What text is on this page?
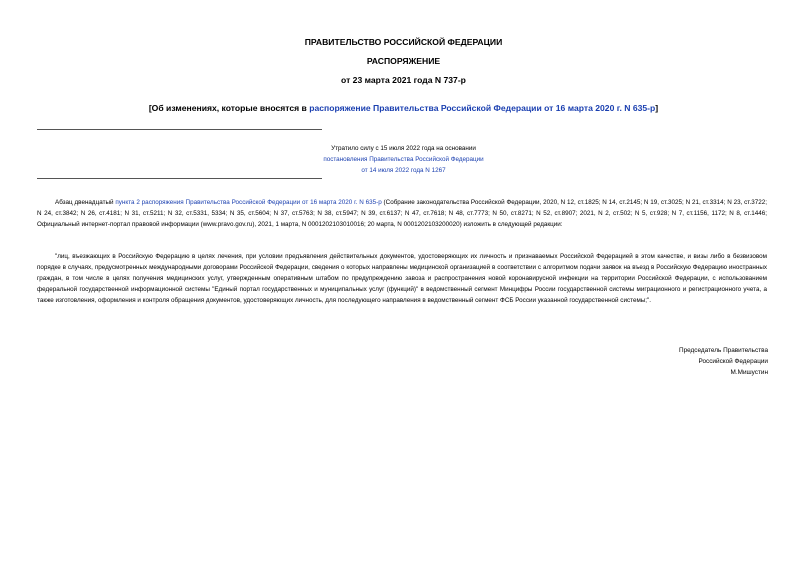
ПРАВИТЕЛЬСТВО РОССИЙСКОЙ ФЕДЕРАЦИИ
РАСПОРЯЖЕНИЕ
от 23 марта 2021 года N 737-р
[Об изменениях, которые вносятся в распоряжение Правительства Российской Федерации от 16 марта 2020 г. N 635-р]
Утратило силу с 15 июля 2022 года на основании
постановления Правительства Российской Федерации
от 14 июля 2022 года N 1267
Абзац двенадцатый пункта 2 распоряжения Правительства Российской Федерации от 16 марта 2020 г. N 635-р (Собрание законодательства Российской Федерации, 2020, N 12, ст.1825; N 14, ст.2145; N 19, ст.3025; N 21, ст.3314; N 23, ст.3722; N 24, ст.3842; N 26, ст.4181; N 31, ст.5211; N 32, ст.5331, 5334; N 35, ст.5604; N 37, ст.5763; N 38, ст.5947; N 39, ст.6137; N 47, ст.7618; N 48, ст.7773; N 50, ст.8271; N 52, ст.8907; 2021, N 2, ст.502; N 5, ст.928; N 7, ст.1156, 1172; N 8, ст.1446; Официальный интернет-портал правовой информации (www.pravo.gov.ru), 2021, 1 марта, N 0001202103010016; 20 марта, N 0001202103200020) изложить в следующей редакции:
"лиц, въезжающих в Российскую Федерацию в целях лечения, при условии предъявления действительных документов, удостоверяющих их личность и признаваемых Российской Федерацией в этом качестве, и визы либо в безвизовом порядке в случаях, предусмотренных международными договорами Российской Федерации, сведения о которых направлены медицинской организацией в соответствии с алгоритмом подачи заявок на въезд в Российскую Федерацию иностранных граждан, в том числе в целях получения медицинских услуг, утвержденным оперативным штабом по предупреждению завоза и распространения новой коронавирусной инфекции на территории Российской Федерации, с использованием федеральной государственной информационной системы "Единый портал государственных и муниципальных услуг (функций)" в ведомственный сегмент Минцифры России государственной системы миграционного и регистрационного учета, а также изготовления, оформления и контроля обращения документов, удостоверяющих личность, для последующего направления в ведомственный сегмент ФСБ России указанной государственной системы;".
Председатель Правительства
Российской Федерации
М.Мишустин
